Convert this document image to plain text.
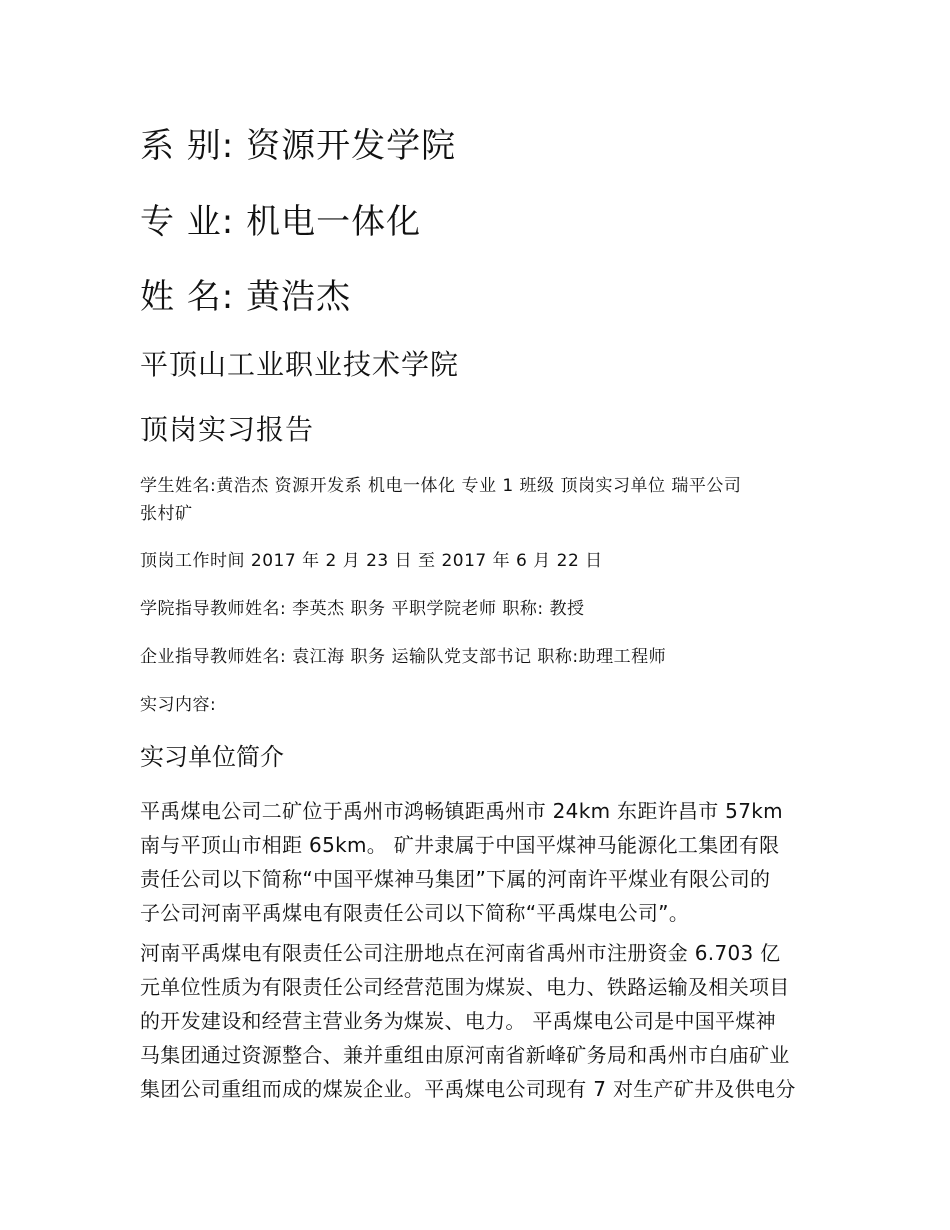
系 别: 资源开发学院
专 业: 机电一体化
姓 名: 黄浩杰
平顶山工业职业技术学院
顶岗实习报告
学生姓名:黄浩杰 资源开发系 机电一体化 专业 1 班级 顶岗实习单位 瑞平公司
张村矿
顶岗工作时间 2017 年 2 月 23 日 至 2017 年 6 月 22 日
学院指导教师姓名: 李英杰 职务 平职学院老师 职称: 教授
企业指导教师姓名: 袁江海 职务 运输队党支部书记 职称:助理工程师
实习内容:
实习单位简介
平禹煤电公司二矿位于禹州市鸿畅镇距禹州市 24km 东距许昌市 57km
南与平顶山市相距 65km。 矿井隶属于中国平煤神马能源化工集团有限
责任公司以下简称“中国平煤神马集团”下属的河南许平煤业有限公司的
子公司河南平禹煤电有限责任公司以下简称“平禹煤电公司”。
河南平禹煤电有限责任公司注册地点在河南省禹州市注册资金 6.703 亿
元单位性质为有限责任公司经营范围为煤炭、电力、铁路运输及相关项目
的开发建设和经营主营业务为煤炭、电力。 平禹煤电公司是中国平煤神
马集团通过资源整合、兼并重组由原河南省新峰矿务局和禹州市白庙矿业
集团公司重组而成的煤炭企业。平禹煤电公司现有 7 对生产矿井及供电分
